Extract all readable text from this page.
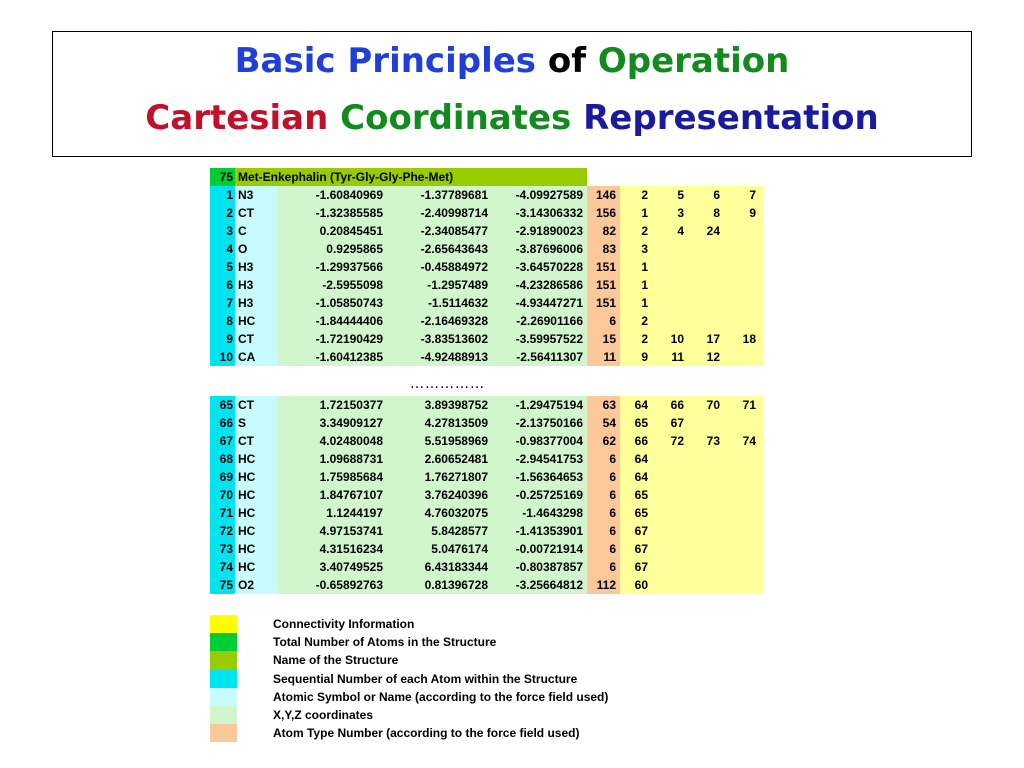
Basic Principles of Operation
Cartesian Coordinates Representation
75 Met-Enkephalin (Tyr-Gly-Gly-Phe-Met)
1 N3	-1.60840969	-1.37789681	-4.09927589	146	2	5	6	7
2 CT	-1.32385585	-2.40998714	-3.14306332	156	1	3	8	9
3 C	0.20845451	-2.34085477	-2.91890023	82	2	4	24
4 O	0.9295865	-2.65643643	-3.87696006	83	3
5 H3	-1.29937566	-0.45884972	-3.64570228	151	1
6 H3	-2.5955098	-1.2957489	-4.23286586	151	1
7 H3	-1.05850743	-1.5114632	-4.93447271	151	1
8 HC	-1.84444406	-2.16469328	-2.26901166	6	2
9 CT	-1.72190429	-3.83513602	-3.59957522	15	2	10	17	18
10 CA	-1.60412385	-4.92488913	-2.56411307	11	9	11	12
……………
65 CT	1.72150377	3.89398752	-1.29475194	63	64	66	70	71
66 S	3.34909127	4.27813509	-2.13750166	54	65	67
67 CT	4.02480048	5.51958969	-0.98377004	62	66	72	73	74
68 HC	1.09688731	2.60652481	-2.94541753	6	64
69 HC	1.75985684	1.76271807	-1.56364653	6	64
70 HC	1.84767107	3.76240396	-0.25725169	6	65
71 HC	1.1244197	4.76032075	-1.4643298	6	65
72 HC	4.97153741	5.8428577	-1.41353901	6	67
73 HC	4.31516234	5.0476174	-0.00721914	6	67
74 HC	3.40749525	6.43183344	-0.80387857	6	67
75 O2	-0.65892763	0.81396728	-3.25664812	112	60
Connectivity Information
Total Number of Atoms in the Structure
Name of the Structure
Sequential Number of each Atom within the Structure
Atomic Symbol or Name (according to the force field used)
X,Y,Z coordinates
Atom Type Number (according to the force field used)
